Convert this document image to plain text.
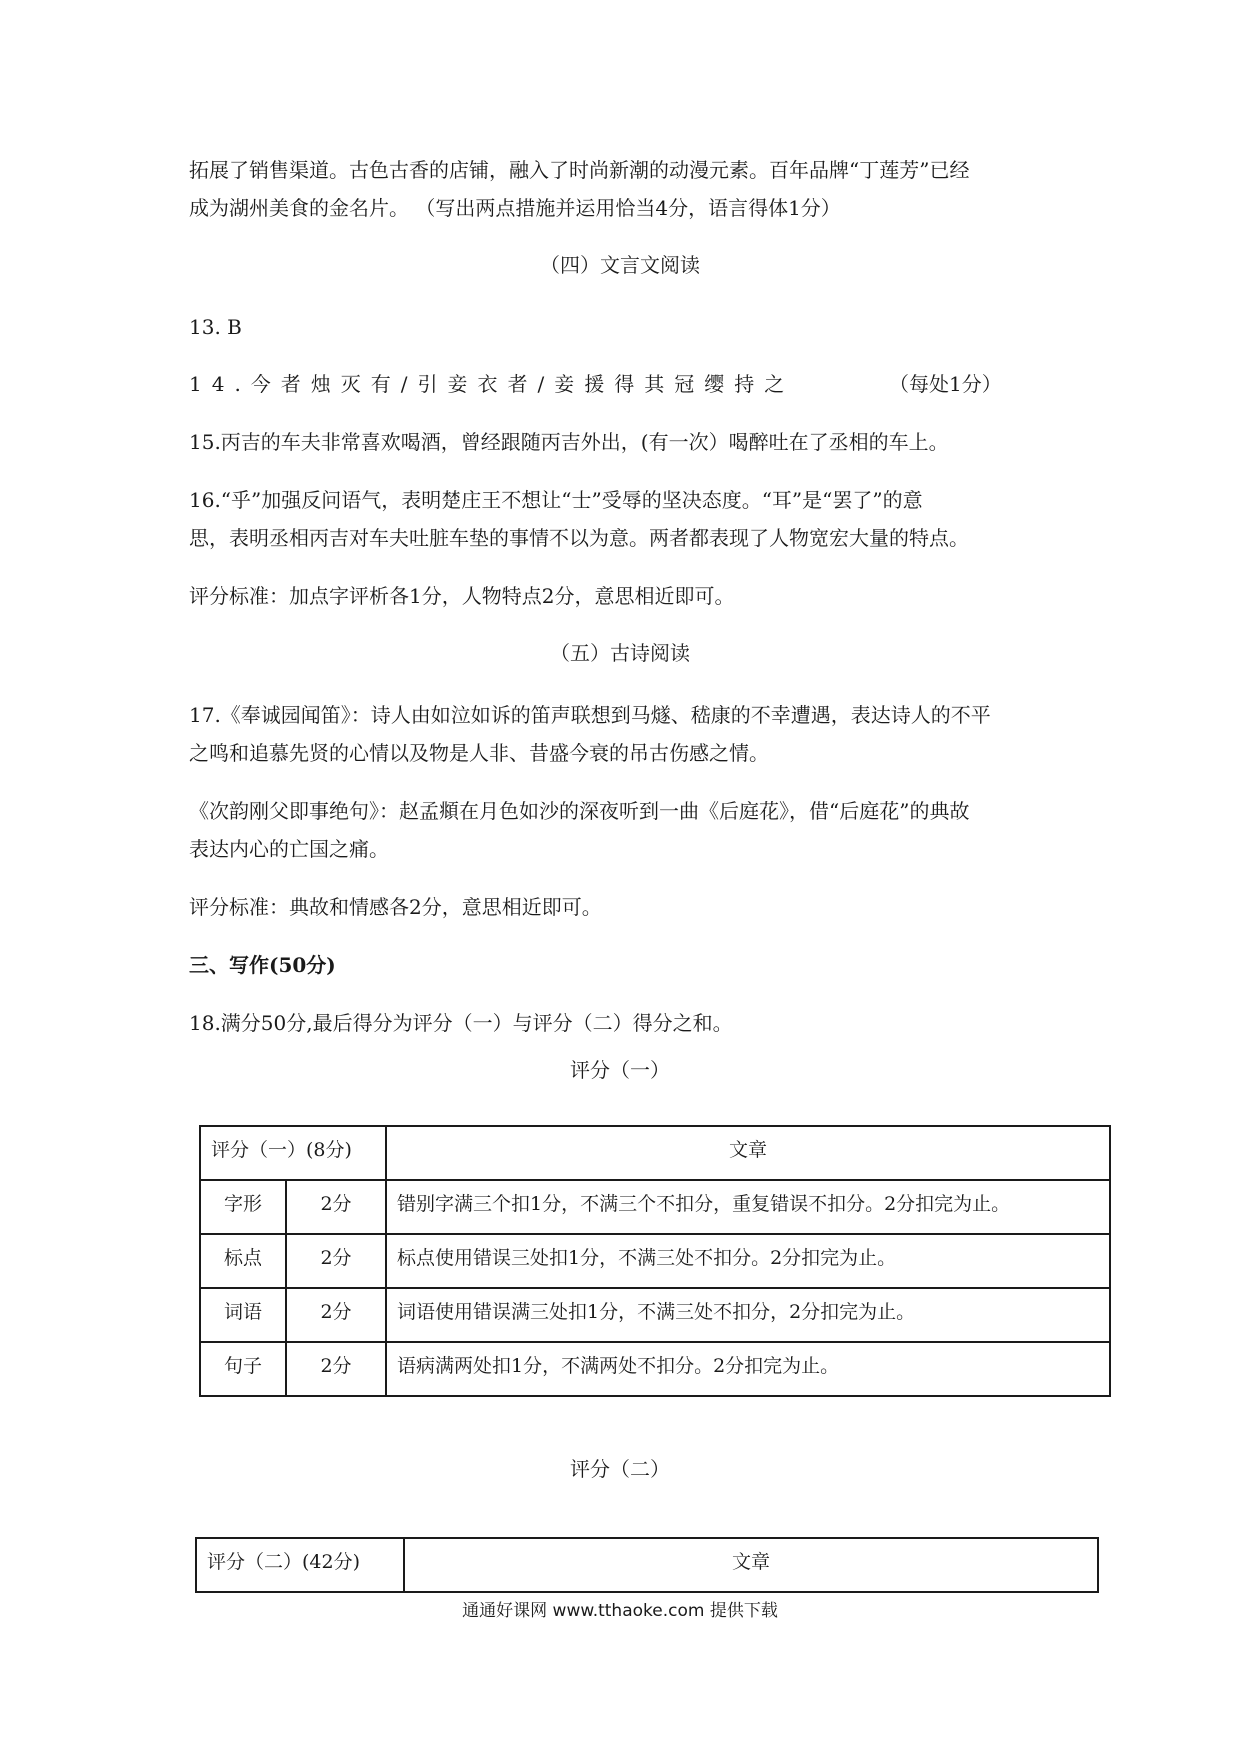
拓展了销售渠道。古色古香的店铺，融入了时尚新潮的动漫元素。百年品牌“丁莲芳”已经
成为湖州美食的金名片。 （写出两点措施并运用恰当4分，语言得体1分）
（四）文言文阅读
13. B
14.今者烛灭有/引妾衣者/妾援得其冠缨持之	（每处1分）
15.丙吉的车夫非常喜欢喝酒，曾经跟随丙吉外出，(有一次）喝醉吐在了丞相的车上。
16.“乎”加强反问语气，表明楚庄王不想让“士”受辱的坚决态度。“耳”是“罢了”的意
思，表明丞相丙吉对车夫吐脏车垫的事情不以为意。两者都表现了人物宽宏大量的特点。
评分标准：加点字评析各1分，人物特点2分，意思相近即可。
（五）古诗阅读
17.《奉诚园闻笛》：诗人由如泣如诉的笛声联想到马燧、嵇康的不幸遭遇，表达诗人的不平
之鸣和追慕先贤的心情以及物是人非、昔盛今衰的吊古伤感之情。
《次韵刚父即事绝句》：赵孟頫在月色如沙的深夜听到一曲《后庭花》，借“后庭花”的典故
表达内心的亡国之痛。
评分标准：典故和情感各2分，意思相近即可。
三、写作(50分)
18.满分50分,最后得分为评分（一）与评分（二）得分之和。
评分（一）
评分（一）(8分)		文章
字形	2分	错别字满三个扣1分，不满三个不扣分，重复错误不扣分。2分扣完为止。
标点	2分	标点使用错误三处扣1分，不满三处不扣分。2分扣完为止。
词语	2分	词语使用错误满三处扣1分，不满三处不扣分，2分扣完为止。
句子	2分	语病满两处扣1分，不满两处不扣分。2分扣完为止。
评分（二）
评分（二）(42分)	文章
通通好课网 www.tthaoke.com 提供下载
